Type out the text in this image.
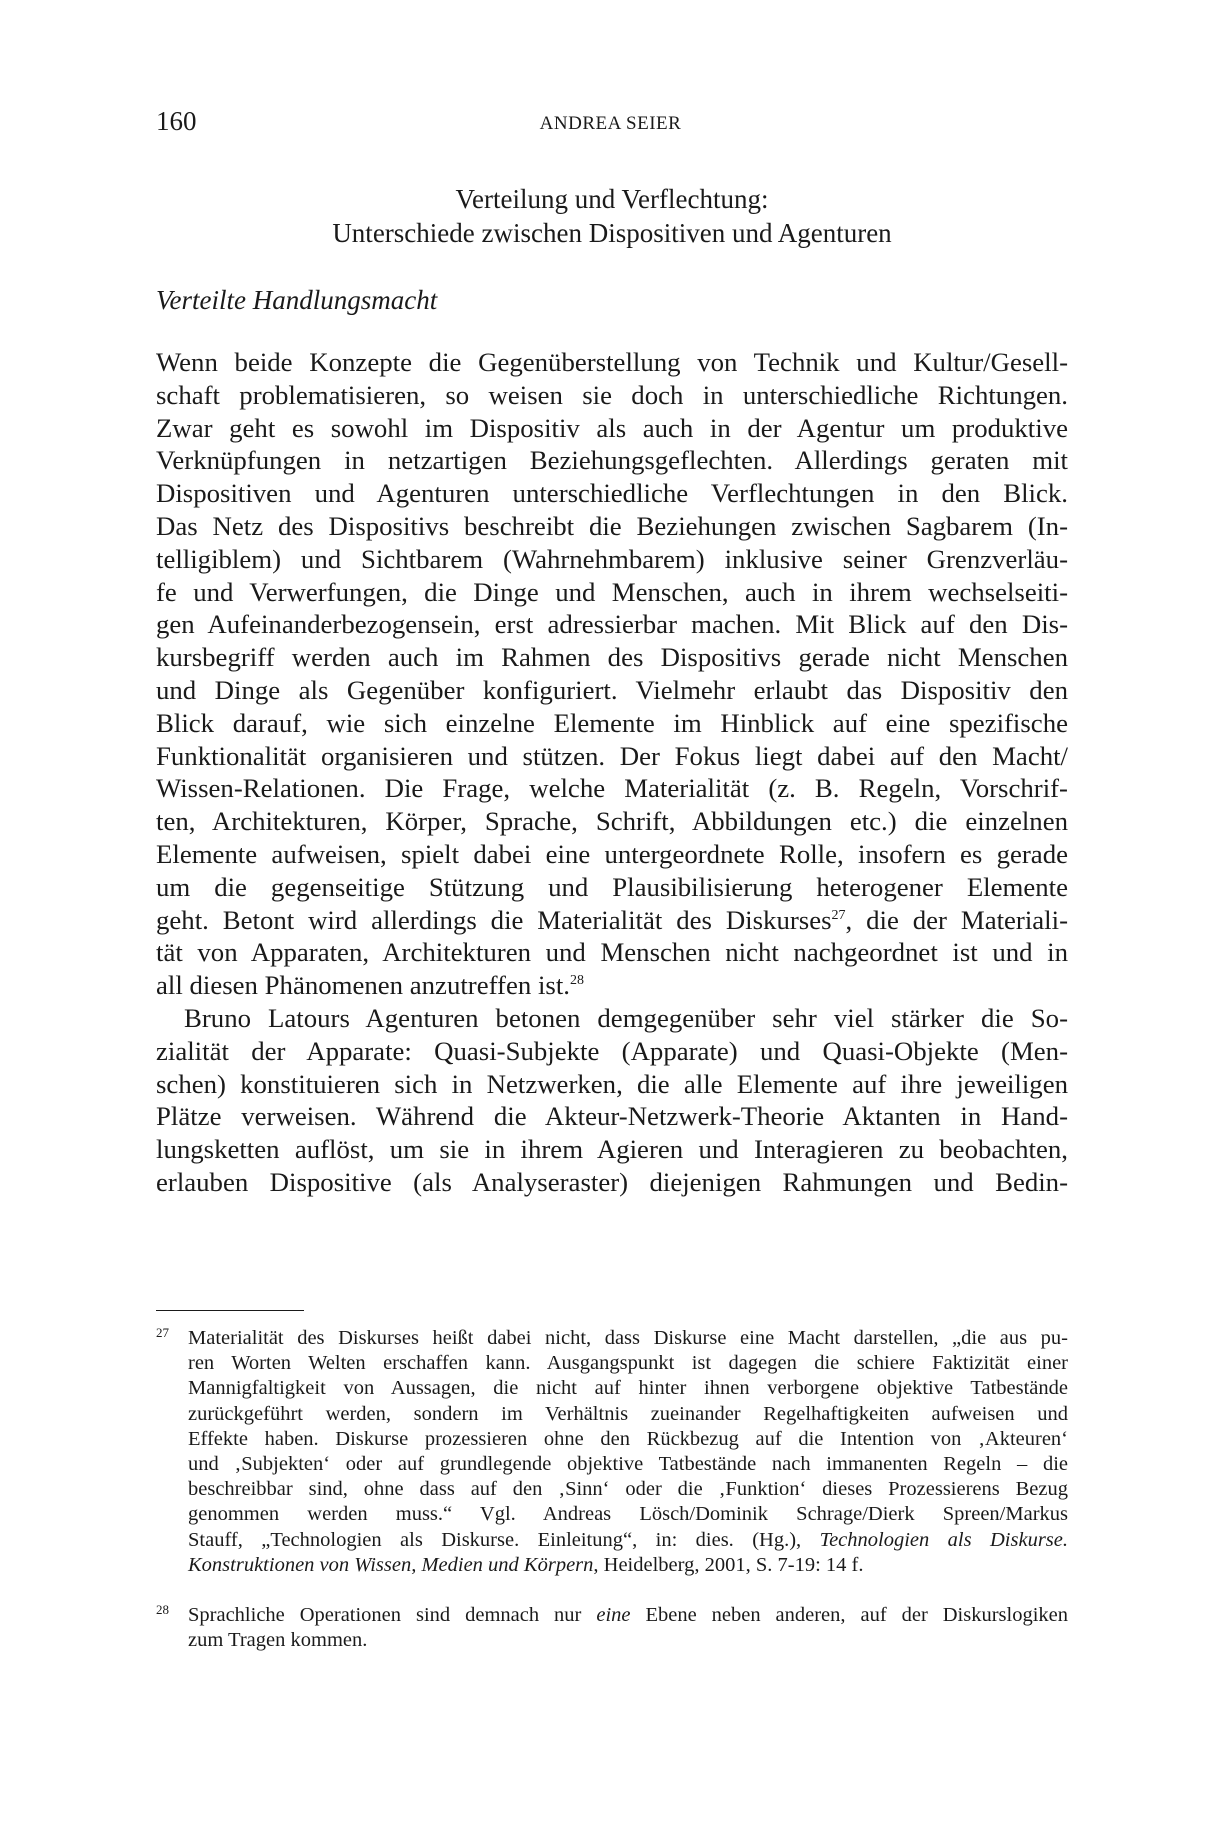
160	ANDREA SEIER
Verteilung und Verflechtung:
Unterschiede zwischen Dispositiven und Agenturen
Verteilte Handlungsmacht
Wenn beide Konzepte die Gegenüberstellung von Technik und Kultur/Gesell-
schaft problematisieren, so weisen sie doch in unterschiedliche Richtungen.
Zwar geht es sowohl im Dispositiv als auch in der Agentur um produktive
Verknüpfungen in netzartigen Beziehungsgeflechten. Allerdings geraten mit
Dispositiven und Agenturen unterschiedliche Verflechtungen in den Blick.
Das Netz des Dispositivs beschreibt die Beziehungen zwischen Sagbarem (In-
telligiblem) und Sichtbarem (Wahrnehmbarem) inklusive seiner Grenzverläu-
fe und Verwerfungen, die Dinge und Menschen, auch in ihrem wechselseiti-
gen Aufeinanderbezogensein, erst adressierbar machen. Mit Blick auf den Dis-
kursbegriff werden auch im Rahmen des Dispositivs gerade nicht Menschen
und Dinge als Gegenüber konfiguriert. Vielmehr erlaubt das Dispositiv den
Blick darauf, wie sich einzelne Elemente im Hinblick auf eine spezifische
Funktionalität organisieren und stützen. Der Fokus liegt dabei auf den Macht/
Wissen-Relationen. Die Frage, welche Materialität (z. B. Regeln, Vorschrif-
ten, Architekturen, Körper, Sprache, Schrift, Abbildungen etc.) die einzelnen
Elemente aufweisen, spielt dabei eine untergeordnete Rolle, insofern es gerade
um die gegenseitige Stützung und Plausibilisierung heterogener Elemente
geht. Betont wird allerdings die Materialität des Diskurses$^{27}$, die der Materiali-
tät von Apparaten, Architekturen und Menschen nicht nachgeordnet ist und in
all diesen Phänomenen anzutreffen ist.$^{28}$
Bruno Latours Agenturen betonen demgegenüber sehr viel stärker die So-
zialität der Apparate: Quasi-Subjekte (Apparate) und Quasi-Objekte (Men-
schen) konstituieren sich in Netzwerken, die alle Elemente auf ihre jeweiligen
Plätze verweisen. Während die Akteur-Netzwerk-Theorie Aktanten in Hand-
lungsketten auflöst, um sie in ihrem Agieren und Interagieren zu beobachten,
erlauben Dispositive (als Analyseraster) diejenigen Rahmungen und Bedin-
27 Materialität des Diskurses heißt dabei nicht, dass Diskurse eine Macht darstellen, „die aus pu-
ren Worten Welten erschaffen kann. Ausgangspunkt ist dagegen die schiere Faktizität einer
Mannigfaltigkeit von Aussagen, die nicht auf hinter ihnen verborgene objektive Tatbestände
zurückgeführt werden, sondern im Verhältnis zueinander Regelhaftigkeiten aufweisen und
Effekte haben. Diskurse prozessieren ohne den Rückbezug auf die Intention von ‚Akteuren‘
und ‚Subjekten‘ oder auf grundlegende objektive Tatbestände nach immanenten Regeln – die
beschreibbar sind, ohne dass auf den ‚Sinn‘ oder die ‚Funktion‘ dieses Prozessierens Bezug
genommen werden muss.“ Vgl. Andreas Lösch/Dominik Schrage/Dierk Spreen/Markus
Stauff, „Technologien als Diskurse. Einleitung“, in: dies. (Hg.), Technologien als Diskurse.
Konstruktionen von Wissen, Medien und Körpern, Heidelberg, 2001, S. 7-19: 14 f.
28 Sprachliche Operationen sind demnach nur eine Ebene neben anderen, auf der Diskurslogiken
zum Tragen kommen.
